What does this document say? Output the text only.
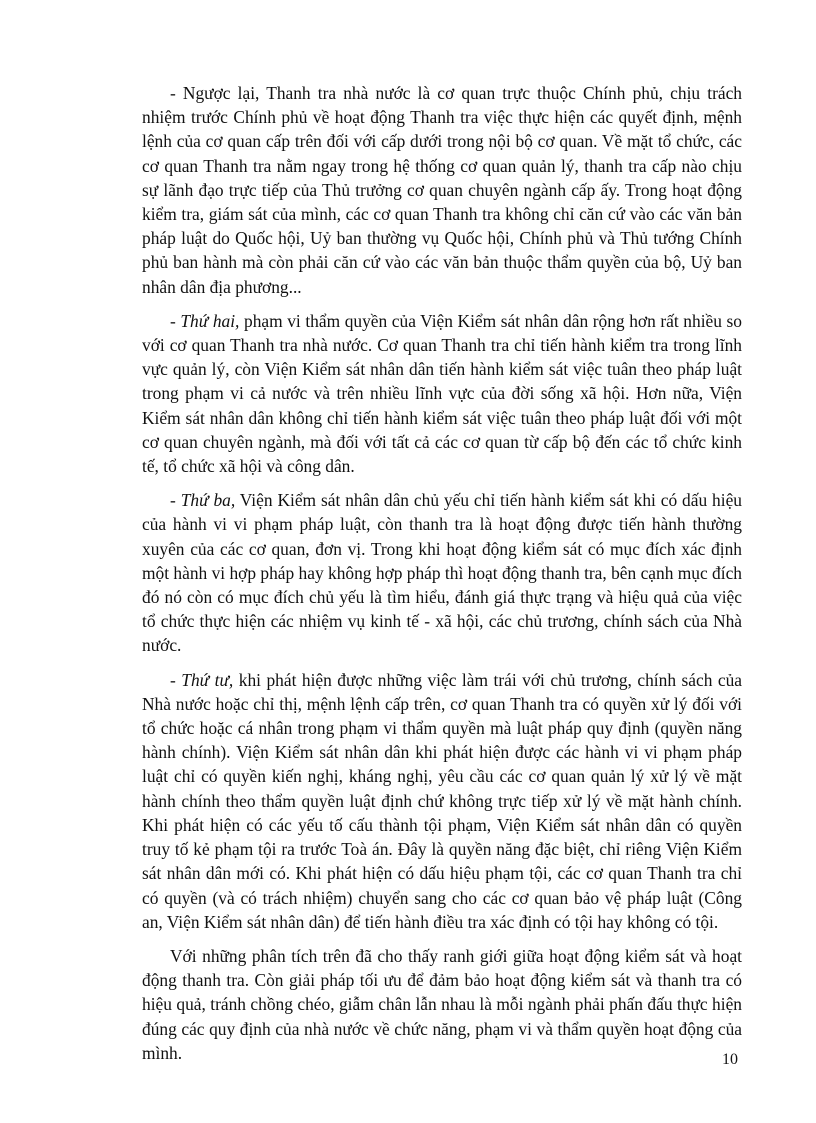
- Ngược lại, Thanh tra nhà nước là cơ quan trực thuộc Chính phủ, chịu trách nhiệm trước Chính phủ về hoạt động Thanh tra việc thực hiện các quyết định, mệnh lệnh của cơ quan cấp trên đối với cấp dưới trong nội bộ cơ quan. Về mặt tổ chức, các cơ quan Thanh tra nằm ngay trong hệ thống cơ quan quản lý, thanh tra cấp nào chịu sự lãnh đạo trực tiếp của Thủ trưởng cơ quan chuyên ngành cấp ấy. Trong hoạt động kiểm tra, giám sát của mình, các cơ quan Thanh tra không chỉ căn cứ vào các văn bản pháp luật do Quốc hội, Uỷ ban thường vụ Quốc hội, Chính phủ và Thủ tướng Chính phủ ban hành mà còn phải căn cứ vào các văn bản thuộc thẩm quyền của bộ, Uỷ ban nhân dân địa phương...

- Thứ hai, phạm vi thẩm quyền của Viện Kiểm sát nhân dân rộng hơn rất nhiều so với cơ quan Thanh tra nhà nước. Cơ quan Thanh tra chỉ tiến hành kiểm tra trong lĩnh vực quản lý, còn Viện Kiểm sát nhân dân tiến hành kiểm sát việc tuân theo pháp luật trong phạm vi cả nước và trên nhiều lĩnh vực của đời sống xã hội. Hơn nữa, Viện Kiểm sát nhân dân không chỉ tiến hành kiểm sát việc tuân theo pháp luật đối với một cơ quan chuyên ngành, mà đối với tất cả các cơ quan từ cấp bộ đến các tổ chức kinh tế, tổ chức xã hội và công dân.

- Thứ ba, Viện Kiểm sát nhân dân chủ yếu chỉ tiến hành kiểm sát khi có dấu hiệu của hành vi vi phạm pháp luật, còn thanh tra là hoạt động được tiến hành thường xuyên của các cơ quan, đơn vị. Trong khi hoạt động kiểm sát có mục đích xác định một hành vi hợp pháp hay không hợp pháp thì hoạt động thanh tra, bên cạnh mục đích đó nó còn có mục đích chủ yếu là tìm hiểu, đánh giá thực trạng và hiệu quả của việc tổ chức thực hiện các nhiệm vụ kinh tế - xã hội, các chủ trương, chính sách của Nhà nước.

- Thứ tư, khi phát hiện được những việc làm trái với chủ trương, chính sách của Nhà nước hoặc chỉ thị, mệnh lệnh cấp trên, cơ quan Thanh tra có quyền xử lý đối với tổ chức hoặc cá nhân trong phạm vi thẩm quyền mà luật pháp quy định (quyền năng hành chính). Viện Kiểm sát nhân dân khi phát hiện được các hành vi vi phạm pháp luật chỉ có quyền kiến nghị, kháng nghị, yêu cầu các cơ quan quản lý xử lý về mặt hành chính theo thẩm quyền luật định chứ không trực tiếp xử lý về mặt hành chính. Khi phát hiện có các yếu tố cấu thành tội phạm, Viện Kiểm sát nhân dân có quyền truy tố kẻ phạm tội ra trước Toà án. Đây là quyền năng đặc biệt, chỉ riêng Viện Kiểm sát nhân dân mới có. Khi phát hiện có dấu hiệu phạm tội, các cơ quan Thanh tra chỉ có quyền (và có trách nhiệm) chuyển sang cho các cơ quan bảo vệ pháp luật (Công an, Viện Kiểm sát nhân dân) để tiến hành điều tra xác định có tội hay không có tội.

Với những phân tích trên đã cho thấy ranh giới giữa hoạt động kiểm sát và hoạt động thanh tra. Còn giải pháp tối ưu để đảm bảo hoạt động kiểm sát và thanh tra có hiệu quả, tránh chồng chéo, giẫm chân lẫn nhau là mỗi ngành phải phấn đấu thực hiện đúng các quy định của nhà nước về chức năng, phạm vi và thẩm quyền hoạt động của mình.	10
